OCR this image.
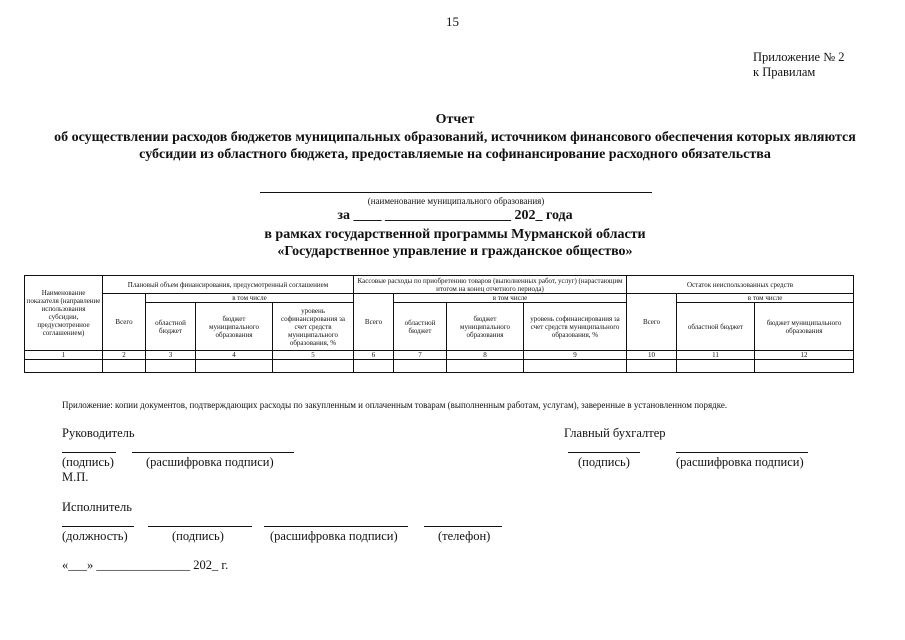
15
Приложение № 2
к Правилам
Отчет
об осуществлении расходов бюджетов муниципальных образований, источником финансового обеспечения которых являются субсидии из областного бюджета, предоставляемые на софинансирование расходного обязательства
(наименование муниципального образования)
за ____ __________________ 202_ года
в рамках государственной программы Мурманской области
«Государственное управление и гражданское общество»
Наименование показателя (направление использования субсидии, предусмотренное соглашением)	Плановый объем финансирования, предусмотренный соглашением				Кассовые расходы по приобретению товаров (выполненных работ, услуг) (нарастающим итогом на конец отчетного периода)				Остаток неиспользованных средств		
	Всего	в том числе			Всего	в том числе			Всего	в том числе	
		областной бюджет	бюджет муниципального образования	уровень софинансирования за счет средств муниципального образования, %		областной бюджет	бюджет муниципального образования	уровень софинансирования за счет средств муниципального образования, %		областной бюджет	бюджет муниципального образования
1	2	3	4	5	6	7	8	9	10	11	12

Приложение: копии документов, подтверждающих расходы по закупленным и оплаченным товарам (выполненным работам, услугам), заверенные в установленном порядке.
Руководитель	Главный бухгалтер
(подпись)	(расшифровка подписи)	(подпись)	(расшифровка подписи)
М.П.
Исполнитель
(должность)	(подпись)	(расшифровка подписи)	(телефон)
«___» _______________ 202_ г.
